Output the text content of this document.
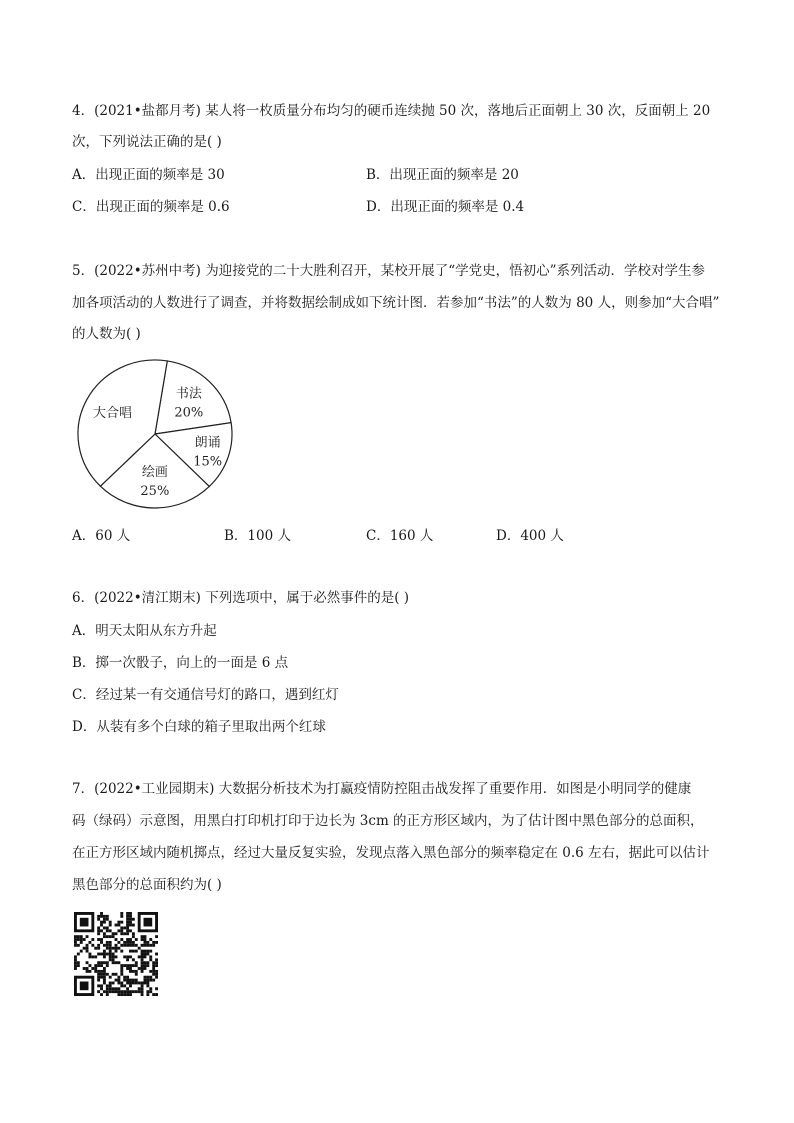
4．(2021•盐都月考) 某人将一枚质量分布均匀的硬币连续抛 50 次，落地后正面朝上 30 次，反面朝上 20
次，下列说法正确的是( )
A．出现正面的频率是 30	B．出现正面的频率是 20
C．出现正面的频率是 0.6	D．出现正面的频率是 0.4
5．(2022•苏州中考) 为迎接党的二十大胜利召开，某校开展了“学党史，悟初心”系列活动．学校对学生参
加各项活动的人数进行了调查，并将数据绘制成如下统计图．若参加“书法”的人数为 80 人，则参加“大合唱”
的人数为( )
书法
20%
朗诵
15%
绘画
25%
大合唱
A．60 人	B．100 人	C．160 人	D．400 人
6．(2022•清江期末) 下列选项中，属于必然事件的是( )
A．明天太阳从东方升起
B．掷一次骰子，向上的一面是 6 点
C．经过某一有交通信号灯的路口，遇到红灯
D．从装有多个白球的箱子里取出两个红球
7．(2022•工业园期末) 大数据分析技术为打赢疫情防控阻击战发挥了重要作用．如图是小明同学的健康
码（绿码）示意图，用黑白打印机打印于边长为 3cm 的正方形区域内，为了估计图中黑色部分的总面积，
在正方形区域内随机掷点，经过大量反复实验，发现点落入黑色部分的频率稳定在 0.6 左右，据此可以估计
黑色部分的总面积约为( )
